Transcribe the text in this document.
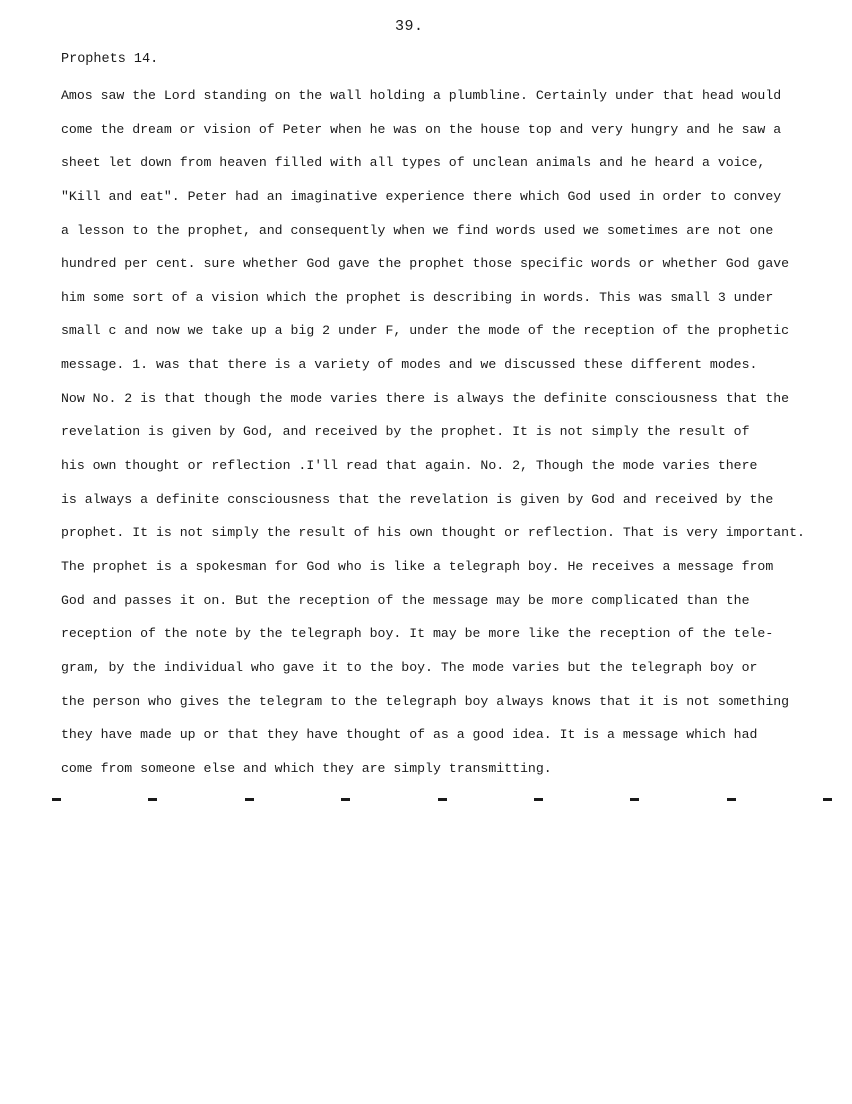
39.
Prophets 14.
Amos saw the Lord standing on the wall holding a plumbline. Certainly under that head would
come the dream or vision of Peter when he was on the house top and very hungry and he saw a
sheet let down from heaven filled with all types of unclean animals and he heard a voice,
"Kill and eat". Peter had an imaginative experience there which God used in order to convey
a lesson to the prophet, and consequently when we find words used we sometimes are not one
hundred per cent. sure whether God gave the prophet those specific words or whether God gave
him some sort of a vision which the prophet is describing in words. This was small 3 under
small c and now we take up a big 2 under F, under the mode of the reception of the prophetic
message. 1. was that there is a variety of modes and we discussed these different modes.
Now No. 2 is that though the mode varies there is always the definite consciousness that the
revelation is given by God, and received by the prophet. It is not simply the result of
his own thought or reflection .I'll read that again. No. 2, Though the mode varies there
is always a definite consciousness that the revelation is given by God and received by the
prophet. It is not simply the result of his own thought or reflection. That is very important.
The prophet is a spokesman for God who is like a telegraph boy. He receives a message from
God and passes it on. But the reception of the message may be more complicated than the
reception of the note by the telegraph boy. It may be more like the reception of the tele-
gram, by the individual who gave it to the boy. The mode varies but the telegraph boy or
the person who gives the telegram to the telegraph boy always knows that it is not something
they have made up or that they have thought of as a good idea. It is a message which had
come from someone else and which they are simply transmitting.
